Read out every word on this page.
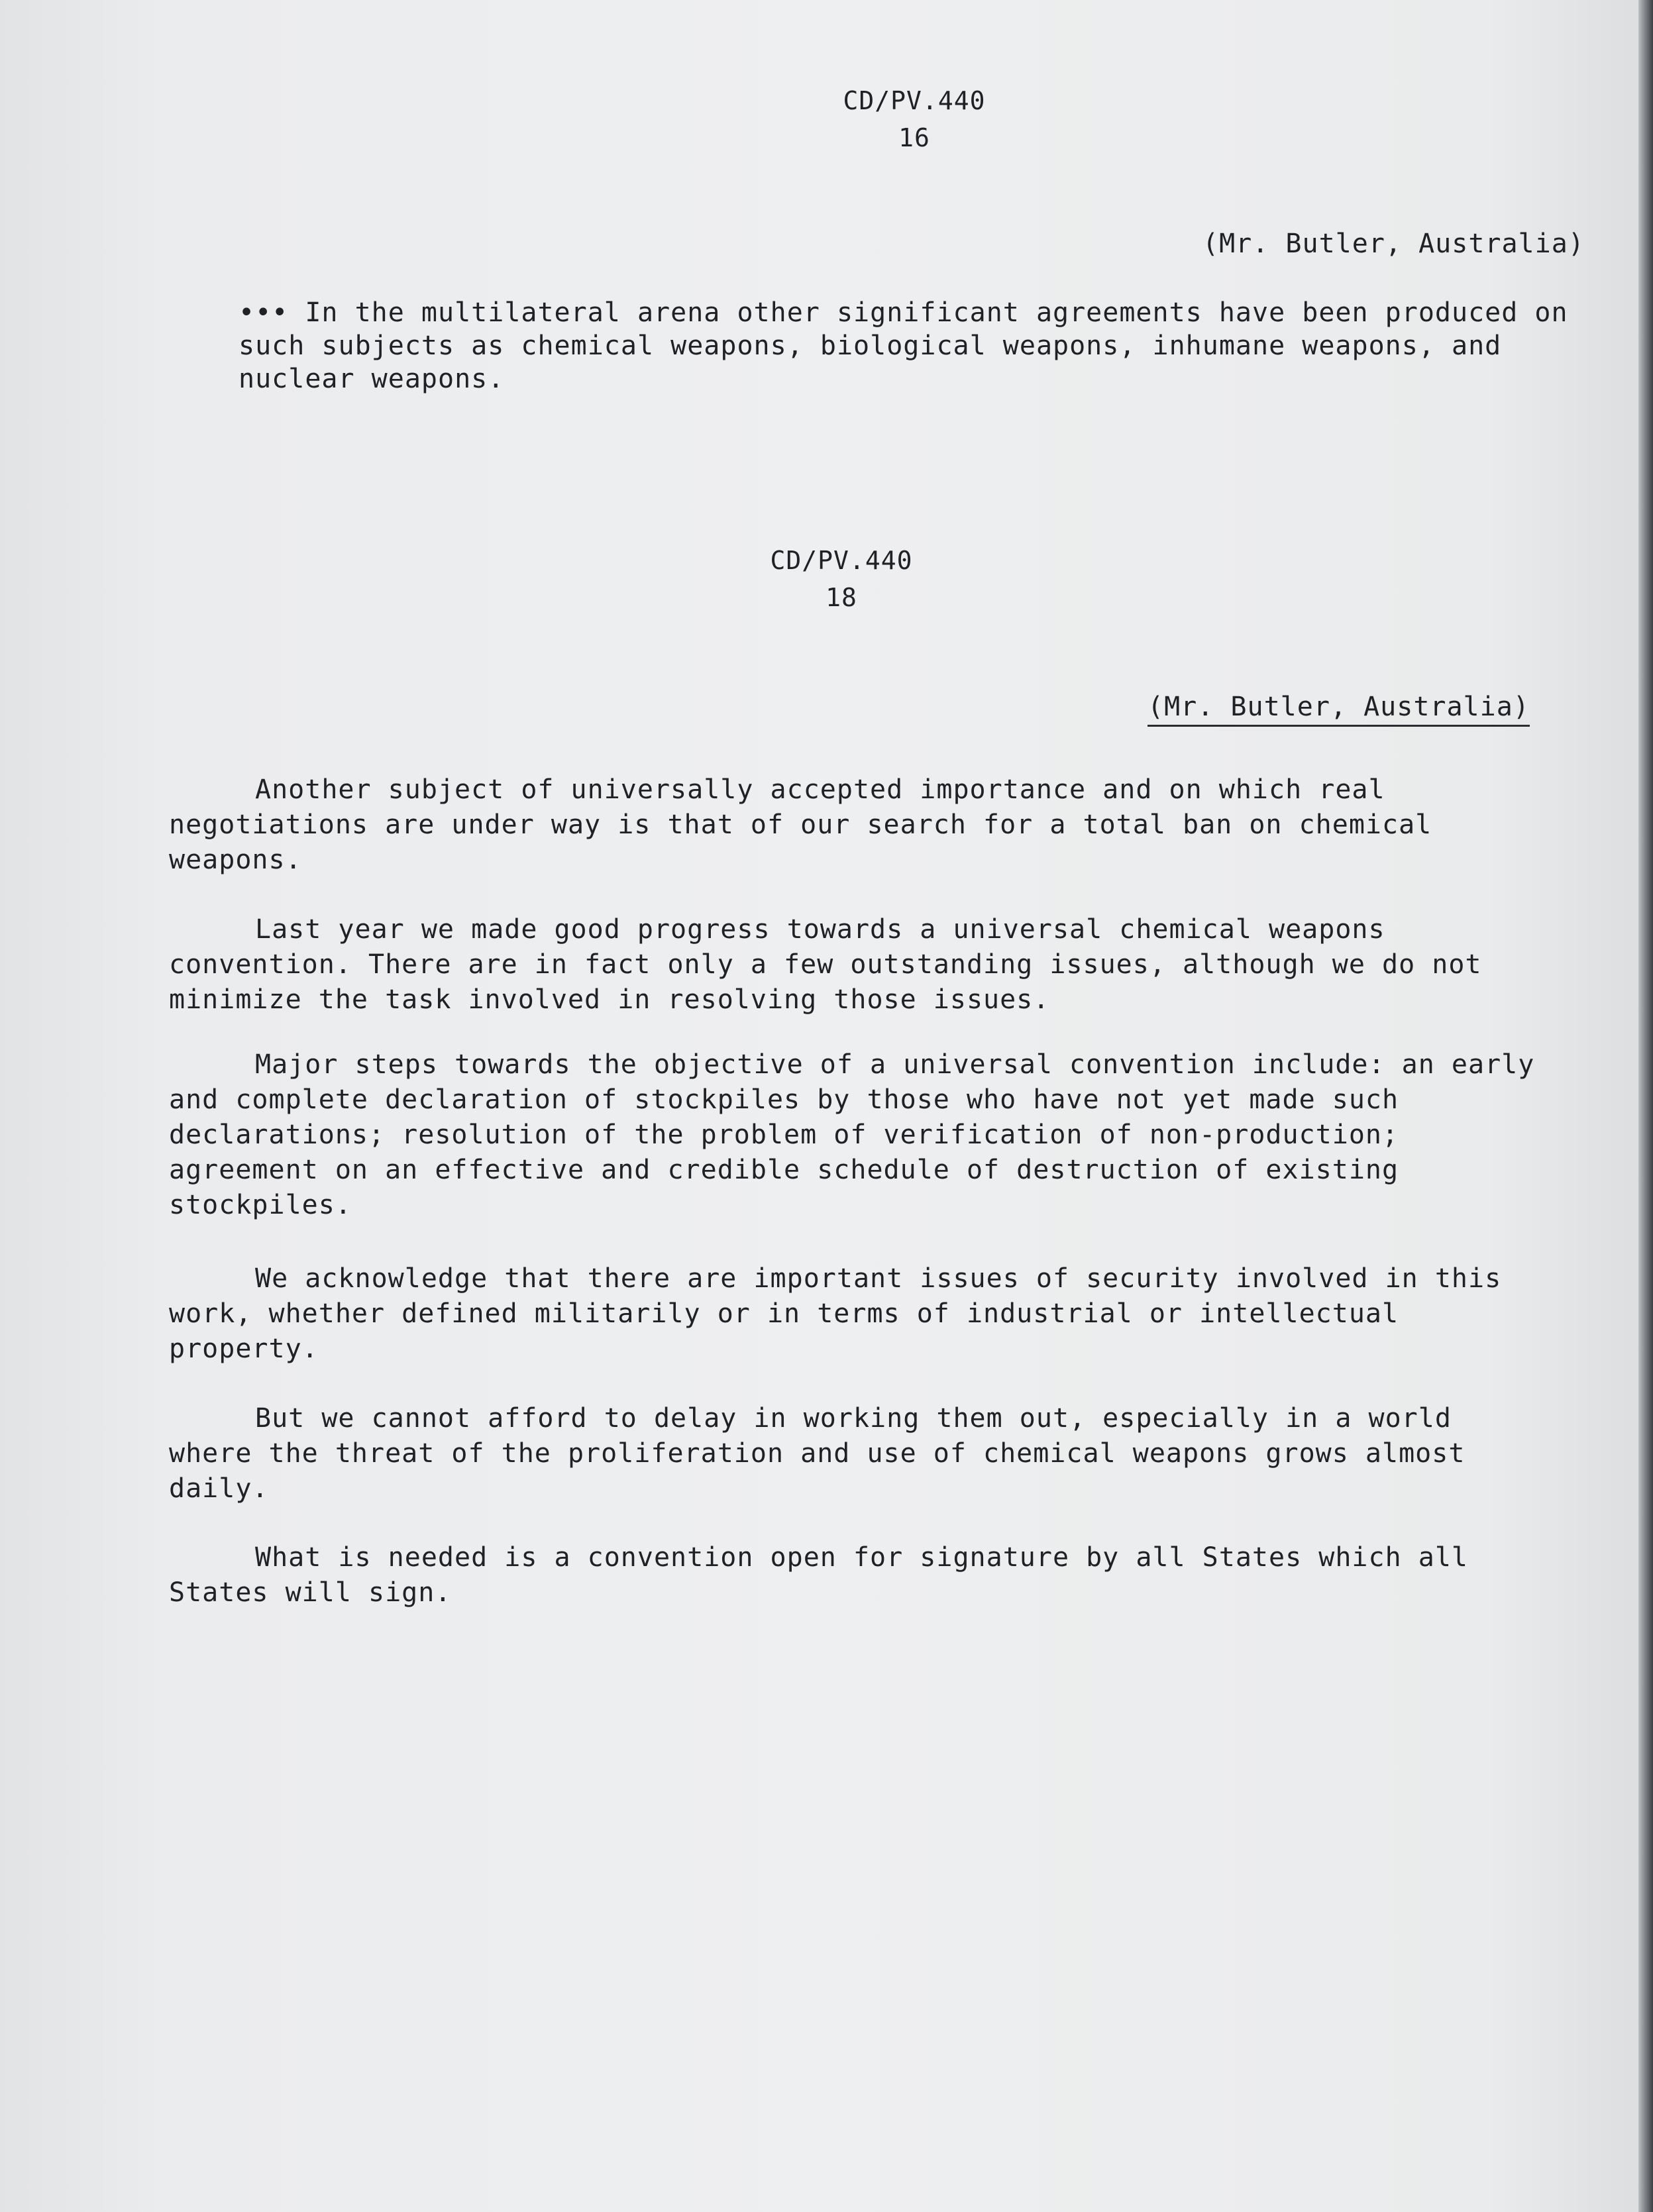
CD/PV.440
16
(Mr. Butler, Australia)

••• In the multilateral arena other significant agreements have been produced on such subjects as chemical weapons, biological weapons, inhumane weapons, and nuclear weapons.

CD/PV.440
18
(Mr. Butler, Australia)

Another subject of universally accepted importance and on which real negotiations are under way is that of our search for a total ban on chemical weapons.

Last year we made good progress towards a universal chemical weapons convention. There are in fact only a few outstanding issues, although we do not minimize the task involved in resolving those issues.

Major steps towards the objective of a universal convention include: an early and complete declaration of stockpiles by those who have not yet made such declarations; resolution of the problem of verification of non-production; agreement on an effective and credible schedule of destruction of existing stockpiles.

We acknowledge that there are important issues of security involved in this work, whether defined militarily or in terms of industrial or intellectual property.

But we cannot afford to delay in working them out, especially in a world where the threat of the proliferation and use of chemical weapons grows almost daily.

What is needed is a convention open for signature by all States which all States will sign.
